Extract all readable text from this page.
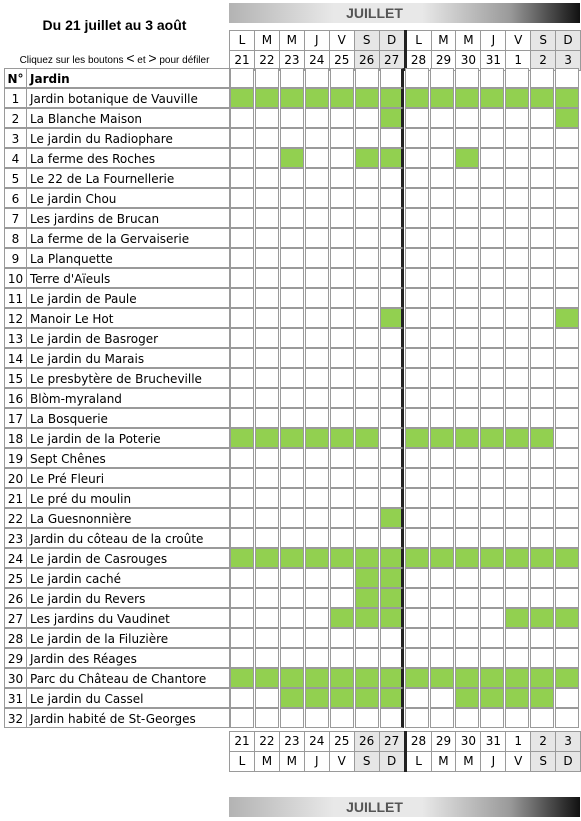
Du 21 juillet au 3 août
Cliquez sur les boutons < et > pour défiler
JUILLET
L	M	M	J	V	S	D	L	M	M	J	V	S	D
21	22	23	24	25	26	27	28	29	30	31	1	2	3
N° Jardin
1 Jardin botanique de Vauville
2 La Blanche Maison
3 Le jardin du Radiophare
4 La ferme des Roches
5 Le 22 de La Fournellerie
6 Le jardin Chou
7 Les jardins de Brucan
8 La ferme de la Gervaiserie
9 La Planquette
10 Terre d'Aïeuls
11 Le jardin de Paule
12 Manoir Le Hot
13 Le jardin de Basroger
14 Le jardin du Marais
15 Le presbytère de Brucheville
16 Blòm-myraland
17 La Bosquerie
18 Le jardin de la Poterie
19 Sept Chênes
20 Le Pré Fleuri
21 Le pré du moulin
22 La Guesnonnière
23 Jardin du côteau de la croûte
24 Le jardin de Casrouges
25 Le jardin caché
26 Le jardin du Revers
27 Les jardins du Vaudinet
28 Le jardin de la Filuzière
29 Jardin des Réages
30 Parc du Château de Chantore
31 Le jardin du Cassel
32 Jardin habité de St-Georges
21	22	23	24	25	26	27	28	29	30	31	1	2	3
L	M	M	J	V	S	D	L	M	M	J	V	S	D
JUILLET
